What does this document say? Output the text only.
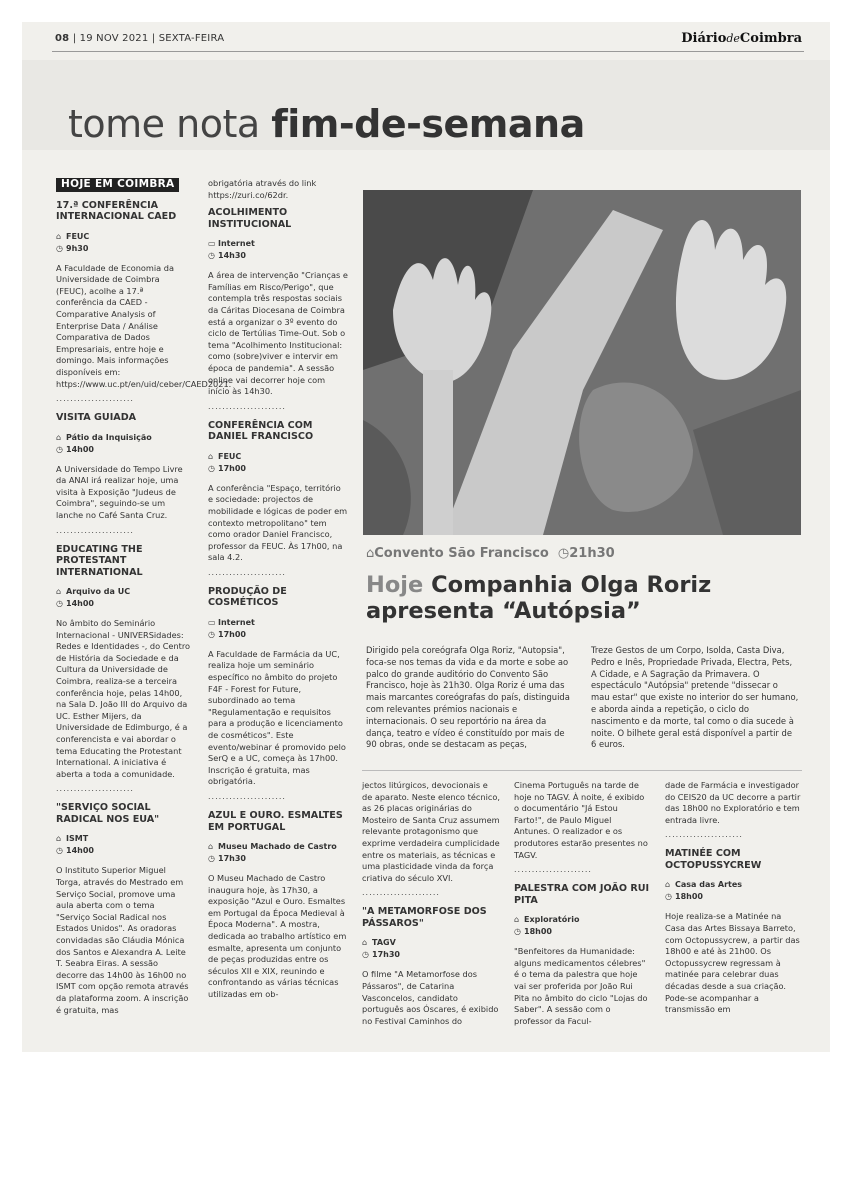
08 | 19 NOV 2021 | SEXTA-FEIRA	DiáriodeCoimbra
tome nota fim-de-semana
HOJE EM COIMBRA
17.ª CONFERÊNCIA INTERNACIONAL CAED
⌂ FEUC
◷ 9h30

A Faculdade de Economia da Universidade de Coimbra (FEUC), acolhe a 17.ª conferência da CAED - Comparative Analysis of Enterprise Data / Análise Comparativa de Dados Empresariais, entre hoje e domingo. Mais informações disponíveis em: https://www.uc.pt/en/uid/ceber/CAED2021.

......................
VISITA GUIADA
⌂ Pátio da Inquisição
◷ 14h00

A Universidade do Tempo Livre da ANAI irá realizar hoje, uma visita à Exposição "Judeus de Coimbra", seguindo-se um lanche no Café Santa Cruz.

......................
EDUCATING THE PROTESTANT INTERNATIONAL
⌂ Arquivo da UC
◷ 14h00

No âmbito do Seminário Internacional - UNIVERSidades: Redes e Identidades -, do Centro de História da Sociedade e da Cultura da Universidade de Coimbra, realiza-se a terceira conferência hoje, pelas 14h00, na Sala D. João III do Arquivo da UC. Esther Mijers, da Universidade de Edimburgo, é a conferencista e vai abordar o tema Educating the Protestant International. A iniciativa é aberta a toda a comunidade.

......................
"SERVIÇO SOCIAL RADICAL NOS EUA"
⌂ ISMT
◷ 14h00

O Instituto Superior Miguel Torga, através do Mestrado em Serviço Social, promove uma aula aberta com o tema "Serviço Social Radical nos Estados Unidos". As oradoras convidadas são Cláudia Mónica dos Santos e Alexandra A. Leite T. Seabra Eiras. A sessão decorre das 14h00 às 16h00 no ISMT com opção remota através da plataforma zoom. A inscrição é gratuita, mas

obrigatória através do link https://zuri.co/62dr.

ACOLHIMENTO INSTITUCIONAL
▭ Internet
◷ 14h30

A área de intervenção "Crianças e Famílias em Risco/Perigo", que contempla três respostas sociais da Cáritas Diocesana de Coimbra está a organizar o 3º evento do ciclo de Tertúlias Time-Out. Sob o tema "Acolhimento Institucional: como (sobre)viver e intervir em época de pandemia". A sessão online vai decorrer hoje com início às 14h30.

......................
CONFERÊNCIA COM DANIEL FRANCISCO
⌂ FEUC
◷ 17h00

A conferência "Espaço, território e sociedade: projectos de mobilidade e lógicas de poder em contexto metropolitano" tem como orador Daniel Francisco, professor da FEUC. Às 17h00, na sala 4.2.

......................
PRODUÇÃO DE COSMÉTICOS
▭ Internet
◷ 17h00

A Faculdade de Farmácia da UC, realiza hoje um seminário específico no âmbito do projeto F4F - Forest for Future, subordinado ao tema "Regulamentação e requisitos para a produção e licenciamento de cosméticos". Este evento/webinar é promovido pelo SerQ e a UC, começa às 17h00. Inscrição é gratuita, mas obrigatória.

......................
AZUL E OURO. ESMALTES EM PORTUGAL
⌂ Museu Machado de Castro
◷ 17h30

O Museu Machado de Castro inaugura hoje, às 17h30, a exposição "Azul e Ouro. Esmaltes em Portugal da Época Medieval à Época Moderna". A mostra, dedicada ao trabalho artístico em esmalte, apresenta um conjunto de peças produzidas entre os séculos XII e XIX, reunindo e confrontando as várias técnicas utilizadas em ob-

⌂Convento São Francisco ◷21h30
Hoje Companhia Olga Roriz apresenta “Autópsia”
Dirigido pela coreógrafa Olga Roriz, "Autopsia", foca-se nos temas da vida e da morte e sobe ao palco do grande auditório do Convento São Francisco, hoje às 21h30. Olga Roriz é uma das mais marcantes coreógrafas do país, distinguida com relevantes prémios nacionais e internacionais. O seu reportório na área da dança, teatro e vídeo é constituído por mais de 90 obras, onde se destacam as peças,
Treze Gestos de um Corpo, Isolda, Casta Diva, Pedro e Inês, Propriedade Privada, Electra, Pets, A Cidade, e A Sagração da Primavera. O espectáculo "Autópsia" pretende "dissecar o mau estar" que existe no interior do ser humano, e aborda ainda a repetição, o ciclo do nascimento e da morte, tal como o dia sucede à noite. O bilhete geral está disponível a partir de 6 euros.

jectos litúrgicos, devocionais e de aparato. Neste elenco técnico, as 26 placas originárias do Mosteiro de Santa Cruz assumem relevante protagonismo que exprime verdadeira cumplicidade entre os materiais, as técnicas e uma plasticidade vinda da força criativa do século XVI.

......................
"A METAMORFOSE DOS PÁSSAROS"
⌂ TAGV
◷ 17h30

O filme "A Metamorfose dos Pássaros", de Catarina Vasconcelos, candidato português aos Óscares, é exibido no Festival Caminhos do

Cinema Português na tarde de hoje no TAGV. À noite, é exibido o documentário "Já Estou Farto!", de Paulo Miguel Antunes. O realizador e os produtores estarão presentes no TAGV.

......................
PALESTRA COM JOÃO RUI PITA
⌂ Exploratório
◷ 18h00

"Benfeitores da Humanidade: alguns medicamentos célebres" é o tema da palestra que hoje vai ser proferida por João Rui Pita no âmbito do ciclo "Lojas do Saber". A sessão com o professor da Facul-

dade de Farmácia e investigador do CEIS20 da UC decorre a partir das 18h00 no Exploratório e tem entrada livre.

......................
MATINÉE COM OCTOPUSSYCREW
⌂ Casa das Artes
◷ 18h00

Hoje realiza-se a Matinée na Casa das Artes Bissaya Barreto, com Octopussycrew, a partir das 18h00 e até às 21h00. Os Octopussycrew regressam à matinée para celebrar duas décadas desde a sua criação. Pode-se acompanhar a transmissão em
